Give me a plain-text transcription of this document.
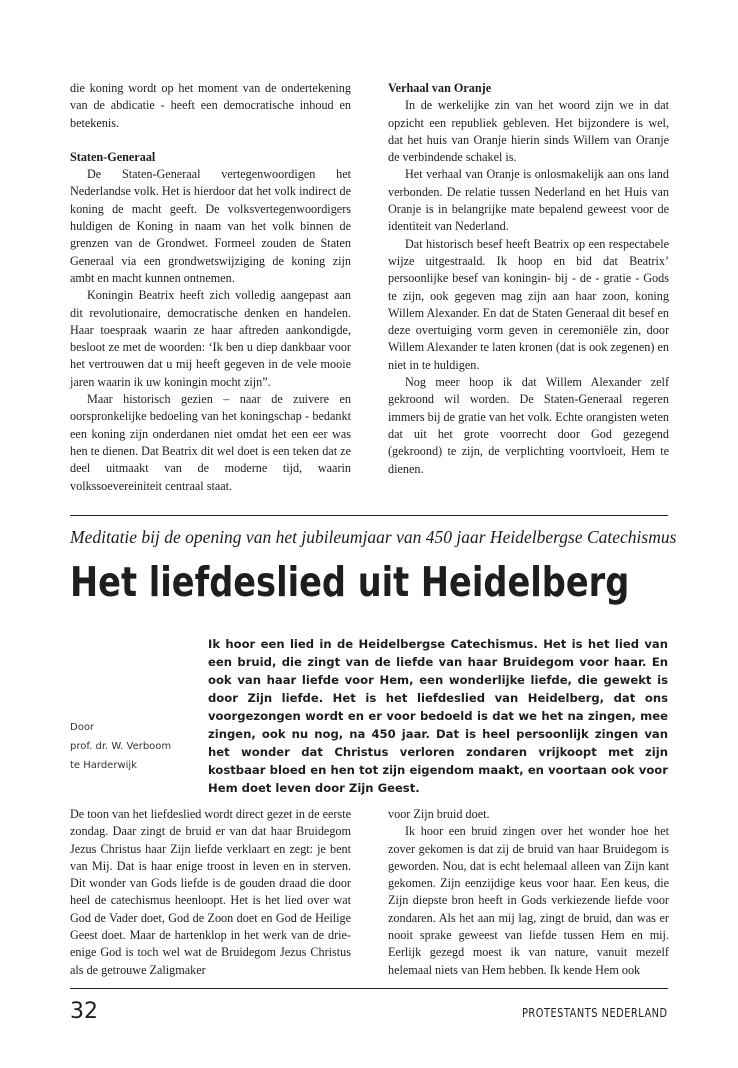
die koning wordt op het moment van de ondertekening van de abdicatie - heeft een democratische inhoud en betekenis.

Staten-Generaal

De Staten-Generaal vertegenwoordigen het Nederlandse volk. Het is hierdoor dat het volk indirect de koning de macht geeft. De volksvertegenwoordigers huldigen de Koning in naam van het volk binnen de grenzen van de Grondwet. Formeel zouden de Staten Generaal via een grondwetswijziging de koning zijn ambt en macht kunnen ontnemen.

Koningin Beatrix heeft zich volledig aangepast aan dit revolutionaire, democratische denken en handelen. Haar toespraak waarin ze haar aftreden aankondigde, besloot ze met de woorden: ‘Ik ben u diep dankbaar voor het vertrouwen dat u mij heeft gegeven in de vele mooie jaren waarin ik uw koningin mocht zijn”.

Maar historisch gezien – naar de zuivere en oorspronkelijke bedoeling van het koningschap - bedankt een koning zijn onderdanen niet omdat het een eer was hen te dienen. Dat Beatrix dit wel doet is een teken dat ze deel uitmaakt van de moderne tijd, waarin volkssoevereiniteit centraal staat.

Verhaal van Oranje

In de werkelijke zin van het woord zijn we in dat opzicht een republiek gebleven. Het bijzondere is wel, dat het huis van Oranje hierin sinds Willem van Oranje de verbindende schakel is.

Het verhaal van Oranje is onlosmakelijk aan ons land verbonden. De relatie tussen Nederland en het Huis van Oranje is in belangrijke mate bepalend geweest voor de identiteit van Nederland.

Dat historisch besef heeft Beatrix op een respectabele wijze uitgestraald. Ik hoop en bid dat Beatrix’ persoonlijke besef van koningin- bij - de - gratie - Gods te zijn, ook gegeven mag zijn aan haar zoon, koning Willem Alexander. En dat de Staten Generaal dit besef en deze overtuiging vorm geven in ceremoniële zin, door Willem Alexander te laten kronen (dat is ook zegenen) en niet in te huldigen.

Nog meer hoop ik dat Willem Alexander zelf gekroond wil worden. De Staten-Generaal regeren immers bij de gratie van het volk. Echte orangisten weten dat uit het grote voorrecht door God gezegend (gekroond) te zijn, de verplichting voortvloeit, Hem te dienen.

Meditatie bij de opening van het jubileumjaar van 450 jaar Heidelbergse Catechismus
Het liefdeslied uit Heidelberg
Door
prof. dr. W. Verboom
te Harderwijk

Ik hoor een lied in de Heidelbergse Catechismus. Het is het lied van een bruid, die zingt van de liefde van haar Bruidegom voor haar. En ook van haar liefde voor Hem, een wonderlijke liefde, die gewekt is door Zijn liefde. Het is het liefdeslied van Heidelberg, dat ons voorgezongen wordt en er voor bedoeld is dat we het na zingen, mee zingen, ook nu nog, na 450 jaar. Dat is heel persoonlijk zingen van het wonder dat Christus verloren zondaren vrijkoopt met zijn kostbaar bloed en hen tot zijn eigendom maakt, en voortaan ook voor Hem doet leven door Zijn Geest.

De toon van het liefdeslied wordt direct gezet in de eerste zondag. Daar zingt de bruid er van dat haar Bruidegom Jezus Christus haar Zijn liefde verklaart en zegt: je bent van Mij. Dat is haar enige troost in leven en in sterven. Dit wonder van Gods liefde is de gouden draad die door heel de catechismus heenloopt. Het is het lied over wat God de Vader doet, God de Zoon doet en God de Heilige Geest doet. Maar de hartenklop in het werk van de drie-enige God is toch wel wat de Bruidegom Jezus Christus als de getrouwe Zaligmaker

voor Zijn bruid doet.

Ik hoor een bruid zingen over het wonder hoe het zover gekomen is dat zij de bruid van haar Bruidegom is geworden. Nou, dat is echt helemaal alleen van Zijn kant gekomen. Zijn eenzijdige keus voor haar. Een keus, die Zijn diepste bron heeft in Gods verkiezende liefde voor zondaren. Als het aan mij lag, zingt de bruid, dan was er nooit sprake geweest van liefde tussen Hem en mij. Eerlijk gezegd moest ik van nature, vanuit mezelf helemaal niets van Hem hebben. Ik kende Hem ook

32	PROTESTANTS NEDERLAND
